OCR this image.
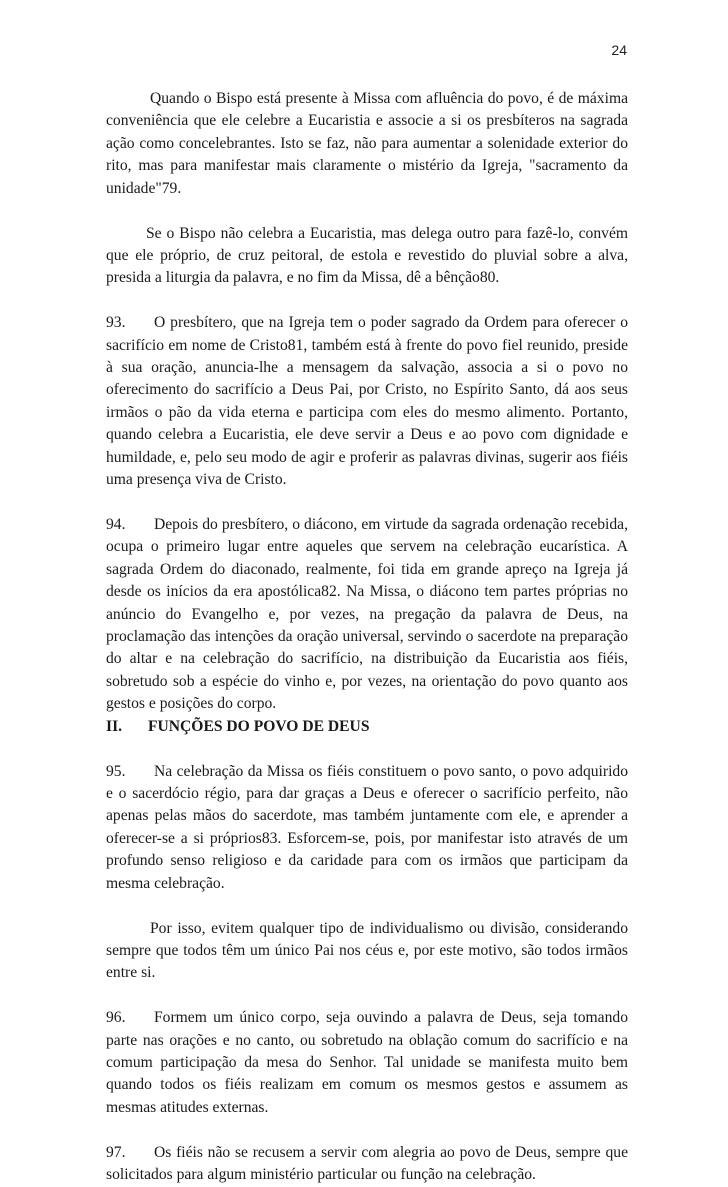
24

Quando o Bispo está presente à Missa com afluência do povo, é de máxima conveniência que ele celebre a Eucaristia e associe a si os presbíteros na sagrada ação como concelebrantes. Isto se faz, não para aumentar a solenidade exterior do rito, mas para manifestar mais claramente o mistério da Igreja, "sacramento da unidade"79.

Se o Bispo não celebra a Eucaristia, mas delega outro para fazê-lo, convém que ele próprio, de cruz peitoral, de estola e revestido do pluvial sobre a alva, presida a liturgia da palavra, e no fim da Missa, dê a bênção80.

93. O presbítero, que na Igreja tem o poder sagrado da Ordem para oferecer o sacrifício em nome de Cristo81, também está à frente do povo fiel reunido, preside à sua oração, anuncia-lhe a mensagem da salvação, associa a si o povo no oferecimento do sacrifício a Deus Pai, por Cristo, no Espírito Santo, dá aos seus irmãos o pão da vida eterna e participa com eles do mesmo alimento. Portanto, quando celebra a Eucaristia, ele deve servir a Deus e ao povo com dignidade e humildade, e, pelo seu modo de agir e proferir as palavras divinas, sugerir aos fiéis uma presença viva de Cristo.

94. Depois do presbítero, o diácono, em virtude da sagrada ordenação recebida, ocupa o primeiro lugar entre aqueles que servem na celebração eucarística. A sagrada Ordem do diaconado, realmente, foi tida em grande apreço na Igreja já desde os inícios da era apostólica82. Na Missa, o diácono tem partes próprias no anúncio do Evangelho e, por vezes, na pregação da palavra de Deus, na proclamação das intenções da oração universal, servindo o sacerdote na preparação do altar e na celebração do sacrifício, na distribuição da Eucaristia aos fiéis, sobretudo sob a espécie do vinho e, por vezes, na orientação do povo quanto aos gestos e posições do corpo.

II. FUNÇÕES DO POVO DE DEUS

95. Na celebração da Missa os fiéis constituem o povo santo, o povo adquirido e o sacerdócio régio, para dar graças a Deus e oferecer o sacrifício perfeito, não apenas pelas mãos do sacerdote, mas também juntamente com ele, e aprender a oferecer-se a si próprios83. Esforcem-se, pois, por manifestar isto através de um profundo senso religioso e da caridade para com os irmãos que participam da mesma celebração.

Por isso, evitem qualquer tipo de individualismo ou divisão, considerando sempre que todos têm um único Pai nos céus e, por este motivo, são todos irmãos entre si.

96. Formem um único corpo, seja ouvindo a palavra de Deus, seja tomando parte nas orações e no canto, ou sobretudo na oblação comum do sacrifício e na comum participação da mesa do Senhor. Tal unidade se manifesta muito bem quando todos os fiéis realizam em comum os mesmos gestos e assumem as mesmas atitudes externas.

97. Os fiéis não se recusem a servir com alegria ao povo de Deus, sempre que solicitados para algum ministério particular ou função na celebração.
